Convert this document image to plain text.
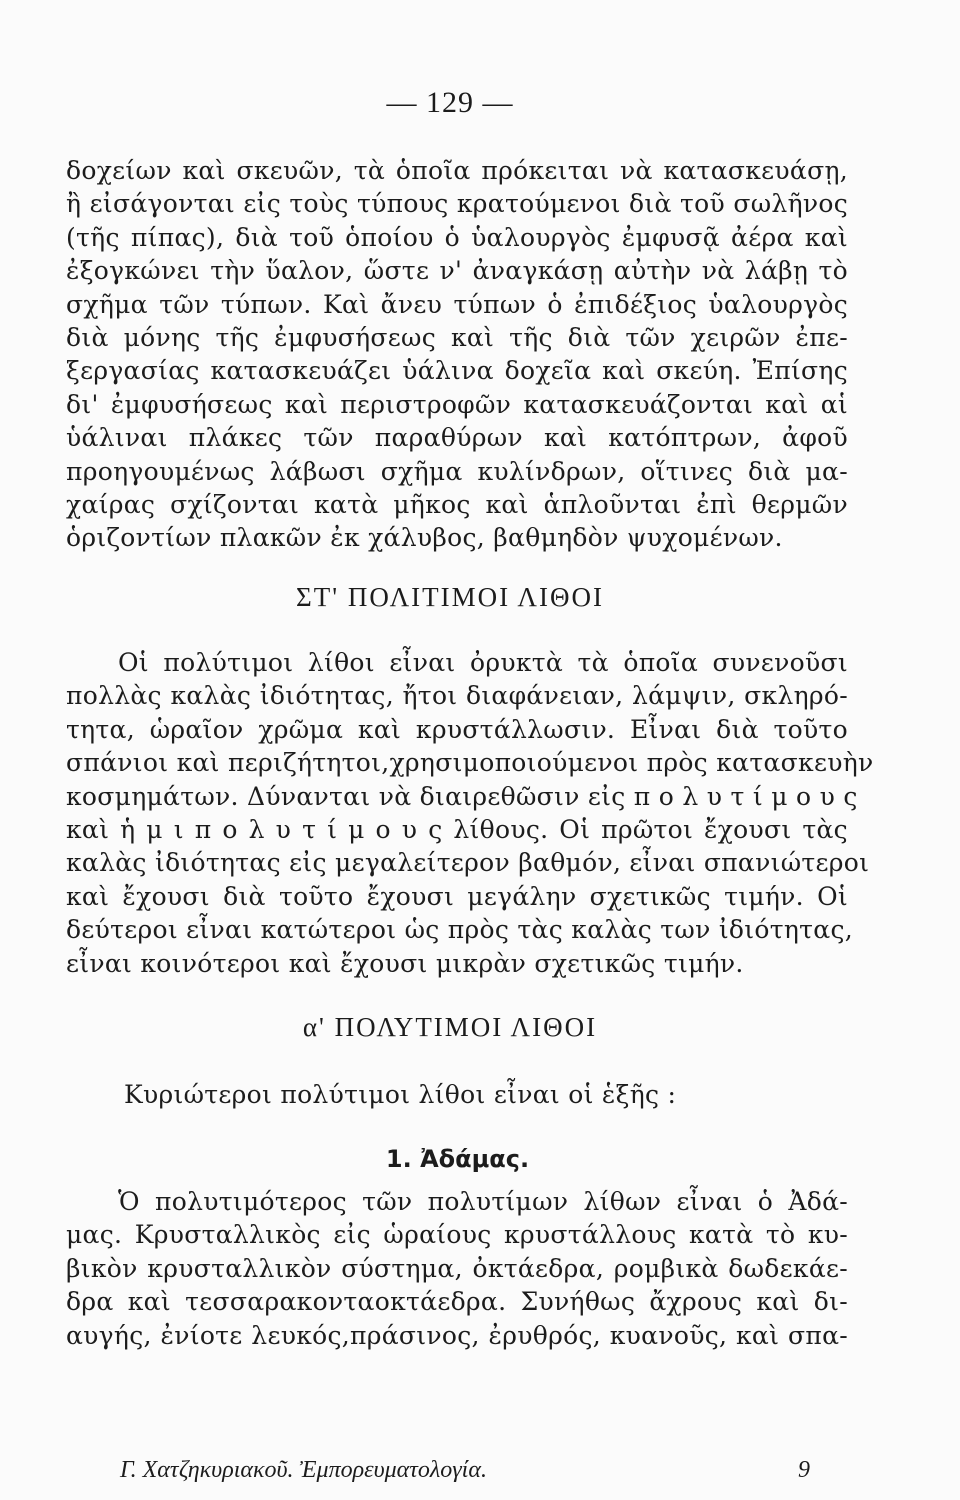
— 129 —
δοχείων καὶ σκευῶν, τὰ ὁποῖα πρόκειται νὰ κατασκευάσῃ,
ἢ εἰσάγονται εἰς τοὺς τύπους κρατούμενοι διὰ τοῦ σωλῆνος
(τῆς πίπας), διὰ τοῦ ὁποίου ὁ ὑαλουργὸς ἐμφυσᾷ ἀέρα καὶ
ἐξογκώνει τὴν ὕαλον, ὥστε ν' ἀναγκάσῃ αὐτὴν νὰ λάβῃ τὸ
σχῆμα τῶν τύπων. Καὶ ἄνευ τύπων ὁ ἐπιδέξιος ὑαλουργὸς
διὰ μόνης τῆς ἐμφυσήσεως καὶ τῆς διὰ τῶν χειρῶν ἐπε-
ξεργασίας κατασκευάζει ὑάλινα δοχεῖα καὶ σκεύη. Ἐπίσης
δι' ἐμφυσήσεως καὶ περιστροφῶν κατασκευάζονται καὶ αἱ
ὑάλιναι πλάκες τῶν παραθύρων καὶ κατόπτρων, ἀφοῦ
προηγουμένως λάβωσι σχῆμα κυλίνδρων, οἵτινες διὰ μα-
χαίρας σχίζονται κατὰ μῆκος καὶ ἁπλοῦνται ἐπὶ θερμῶν
ὁριζοντίων πλακῶν ἐκ χάλυβος, βαθμηδὸν ψυχομένων.
ΣΤ' ΠΟΛΙΤΙΜΟΙ ΛΙΘΟΙ
Οἱ πολύτιμοι λίθοι εἶναι ὀρυκτὰ τὰ ὁποῖα συνενοῦσι
πολλὰς καλὰς ἰδιότητας, ἤτοι διαφάνειαν, λάμψιν, σκληρό-
τητα, ὡραῖον χρῶμα καὶ κρυστάλλωσιν. Εἶναι διὰ τοῦτο
σπάνιοι καὶ περιζήτητοι,χρησιμοποιούμενοι πρὸς κατασκευὴν
κοσμημάτων. Δύνανται νὰ διαιρεθῶσιν εἰς π ο λ υ τ ί μ ο υ ς
καὶ ἡ μ ι π ο λ υ τ ί μ ο υ ς λίθους. Οἱ πρῶτοι ἔχουσι τὰς
καλὰς ἰδιότητας εἰς μεγαλείτερον βαθμόν, εἶναι σπανιώτεροι
καὶ ἔχουσι διὰ τοῦτο ἔχουσι μεγάλην σχετικῶς τιμήν. Οἱ
δεύτεροι εἶναι κατώτεροι ὡς πρὸς τὰς καλὰς των ἰδιότητας,
εἶναι κοινότεροι καὶ ἔχουσι μικρὰν σχετικῶς τιμήν.
α' ΠΟΛΥΤΙΜΟΙ ΛΙΘΟΙ
Κυριώτεροι πολύτιμοι λίθοι εἶναι οἱ ἑξῆς :
1. Ἀδάμας.
Ὁ πολυτιμότερος τῶν πολυτίμων λίθων εἶναι ὁ Ἀδά-
μας. Κρυσταλλικὸς εἰς ὡραίους κρυστάλλους κατὰ τὸ κυ-
βικὸν κρυσταλλικὸν σύστημα, ὀκτάεδρα, ρομβικὰ δωδεκάε-
δρα καὶ τεσσαρακονταοκτάεδρα. Συνήθως ἄχρους καὶ δι-
αυγής, ἐνίοτε λευκός,πράσινος, ἐρυθρός, κυανοῦς, καὶ σπα-
Γ. Χατζηκυριακοῦ. Ἐμπορευματολογία.	9
